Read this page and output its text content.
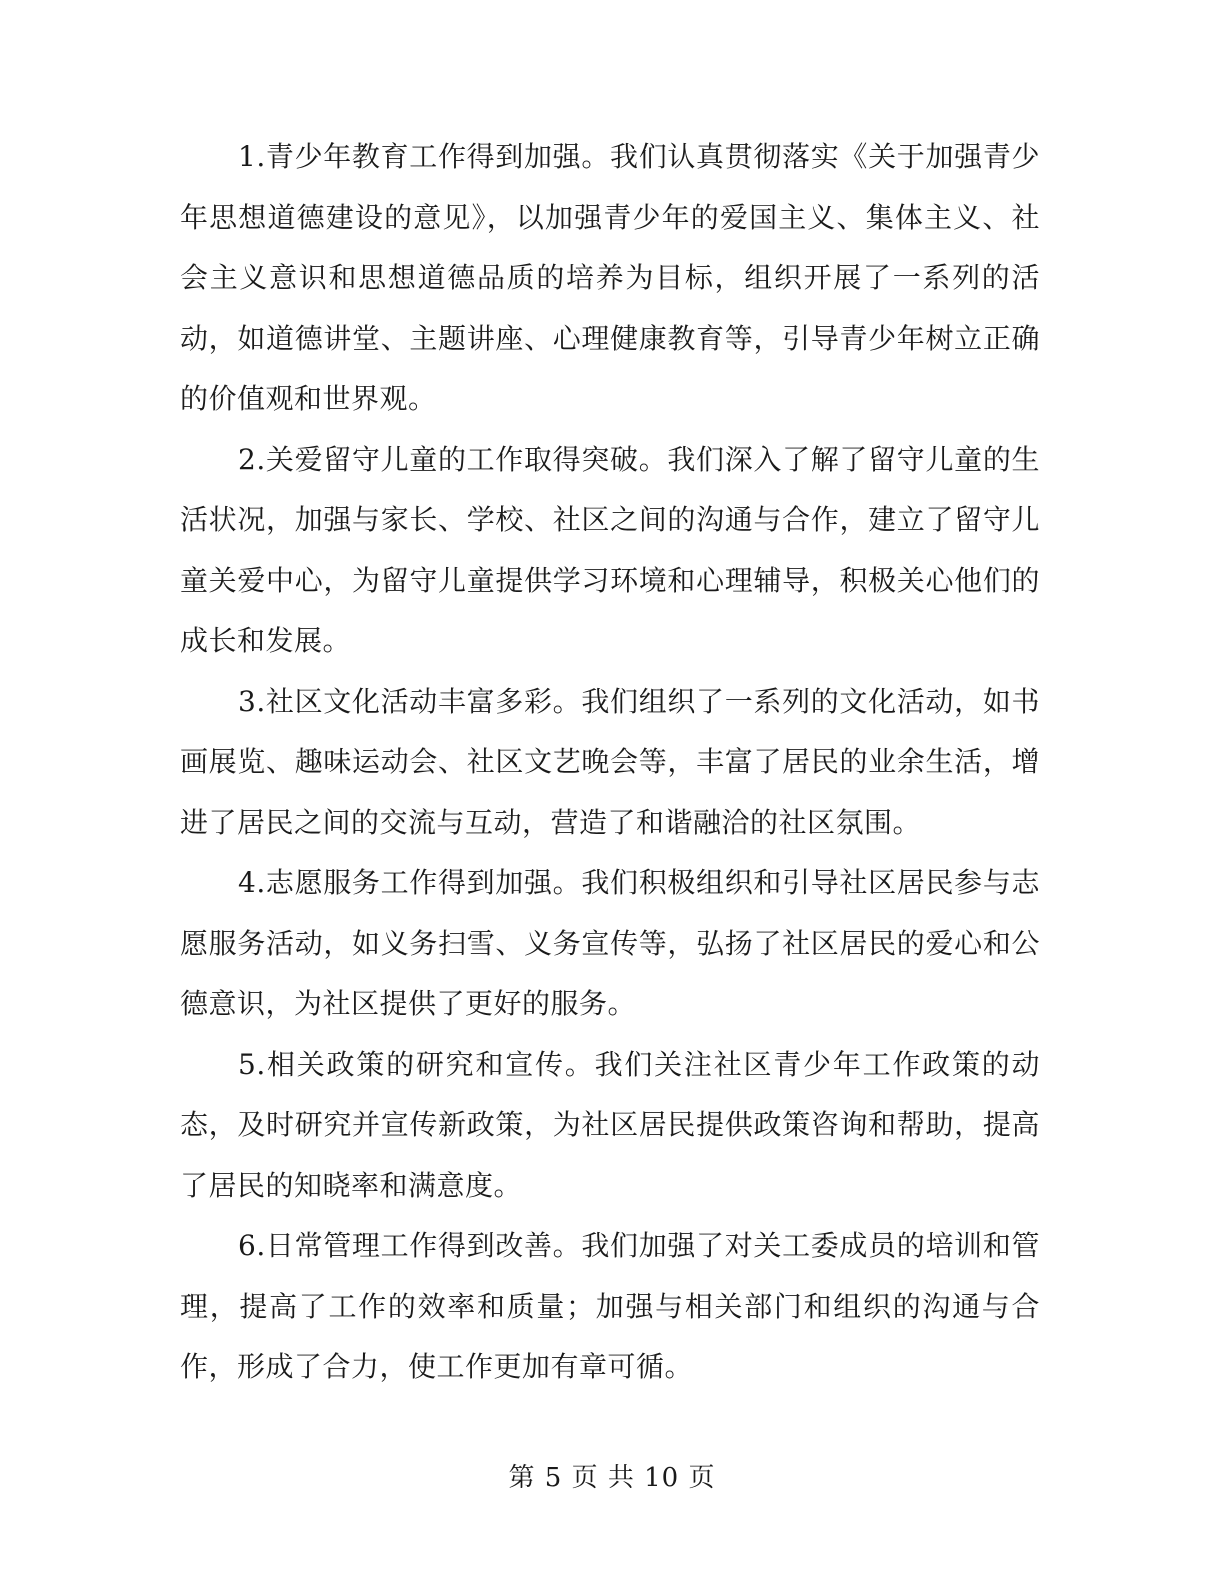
1.青少年教育工作得到加强。我们认真贯彻落实《关于加强青少年思想道德建设的意见》，以加强青少年的爱国主义、集体主义、社会主义意识和思想道德品质的培养为目标，组织开展了一系列的活动，如道德讲堂、主题讲座、心理健康教育等，引导青少年树立正确的价值观和世界观。

2.关爱留守儿童的工作取得突破。我们深入了解了留守儿童的生活状况，加强与家长、学校、社区之间的沟通与合作，建立了留守儿童关爱中心，为留守儿童提供学习环境和心理辅导，积极关心他们的成长和发展。

3.社区文化活动丰富多彩。我们组织了一系列的文化活动，如书画展览、趣味运动会、社区文艺晚会等，丰富了居民的业余生活，增进了居民之间的交流与互动，营造了和谐融洽的社区氛围。

4.志愿服务工作得到加强。我们积极组织和引导社区居民参与志愿服务活动，如义务扫雪、义务宣传等，弘扬了社区居民的爱心和公德意识，为社区提供了更好的服务。

5.相关政策的研究和宣传。我们关注社区青少年工作政策的动态，及时研究并宣传新政策，为社区居民提供政策咨询和帮助，提高了居民的知晓率和满意度。

6.日常管理工作得到改善。我们加强了对关工委成员的培训和管理，提高了工作的效率和质量；加强与相关部门和组织的沟通与合作，形成了合力，使工作更加有章可循。

第 5 页 共 10 页
